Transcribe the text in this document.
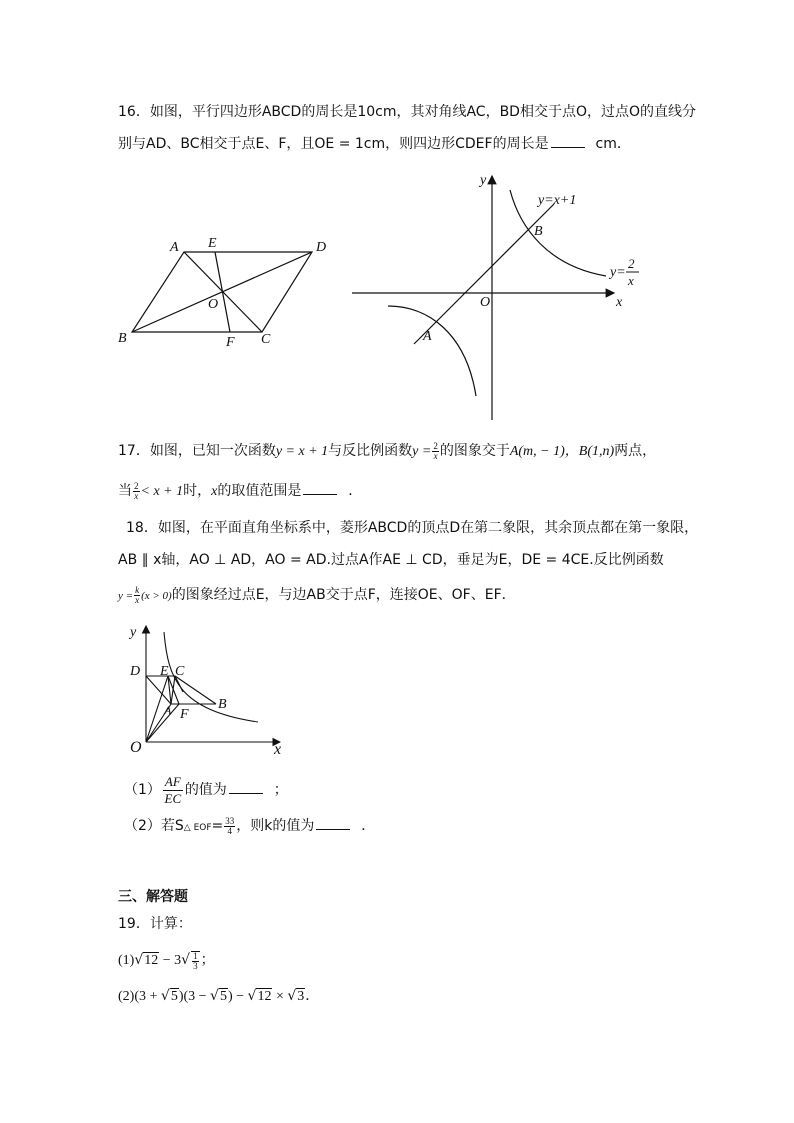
16．如图，平行四边形ABCD的周长是10cm，其对角线AC，BD相交于点O，过点O的直线分
别与AD、BC相交于点E、F，且OE = 1cm，则四边形CDEF的周长是	cm．
A E	D
O
B	F C
y
x
O
B
A
y=x+1
y=
2
x
17．如图，已知一次函数y = x + 1与反比例函数$y = \frac{2}{x}$ 的图象交于A(m, − 1)，B(1,n)两点，
当 $\frac{2}{x} < x + 1$时，x的取值范围是	．
18．如图，在平面直角坐标系中，菱形ABCD的顶点D在第二象限，其余顶点都在第一象限，
AB ∥ x轴，AO ⊥ AD，AO = AD.过点A作AE ⊥ CD，垂足为E，DE = 4CE.反比例函数
$y = \frac{k}{x} (x > 0)$的图象经过点E，与边AB交于点F，连接OE、OF、EF．
y
D E C
A	B
F
O	x
$(1) \frac{AF}{EC}$ 的值为	；
（2）若S△ $EOF= \frac{33}{4}$ ，则k的值为	．
三、解答题
19．计算：
$(1)√12 - 3√ \frac{1}{3}$ ；
(2)(3 + √5)(3 − √5) − √12 × √3．
